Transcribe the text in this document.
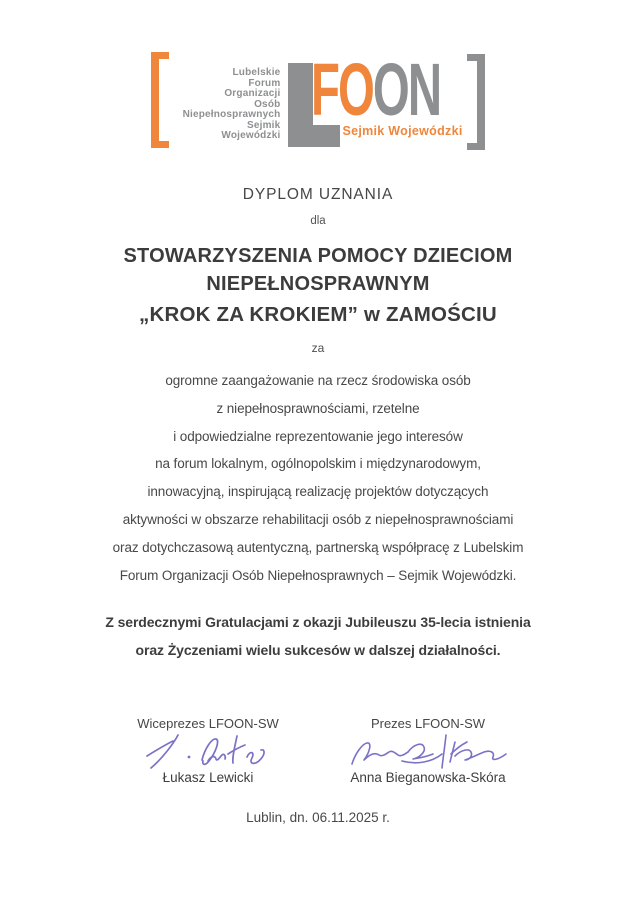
Lubelskie
Forum
Organizacji
Osób
Niepełnosprawnych
Sejmik
Wojewódzki
FOON
Sejmik Wojewódzki
DYPLOM UZNANIA
dla
STOWARZYSZENIA POMOCY DZIECIOM
NIEPEŁNOSPRAWNYM
„KROK ZA KROKIEM” w ZAMOŚCIU
za
ogromne zaangażowanie na rzecz środowiska osób
z niepełnosprawnościami, rzetelne
i odpowiedzialne reprezentowanie jego interesów
na forum lokalnym, ogólnopolskim i międzynarodowym,
innowacyjną, inspirującą realizację projektów dotyczących
aktywności w obszarze rehabilitacji osób z niepełnosprawnościami
oraz dotychczasową autentyczną, partnerską współpracę z Lubelskim
Forum Organizacji Osób Niepełnosprawnych – Sejmik Wojewódzki.
Z serdecznymi Gratulacjami z okazji Jubileuszu 35-lecia istnienia
oraz Życzeniami wielu sukcesów w dalszej działalności.
Wiceprezes LFOON-SW
Łukasz Lewicki
Prezes LFOON-SW
Anna Bieganowska-Skóra
Lublin, dn. 06.11.2025 r.
